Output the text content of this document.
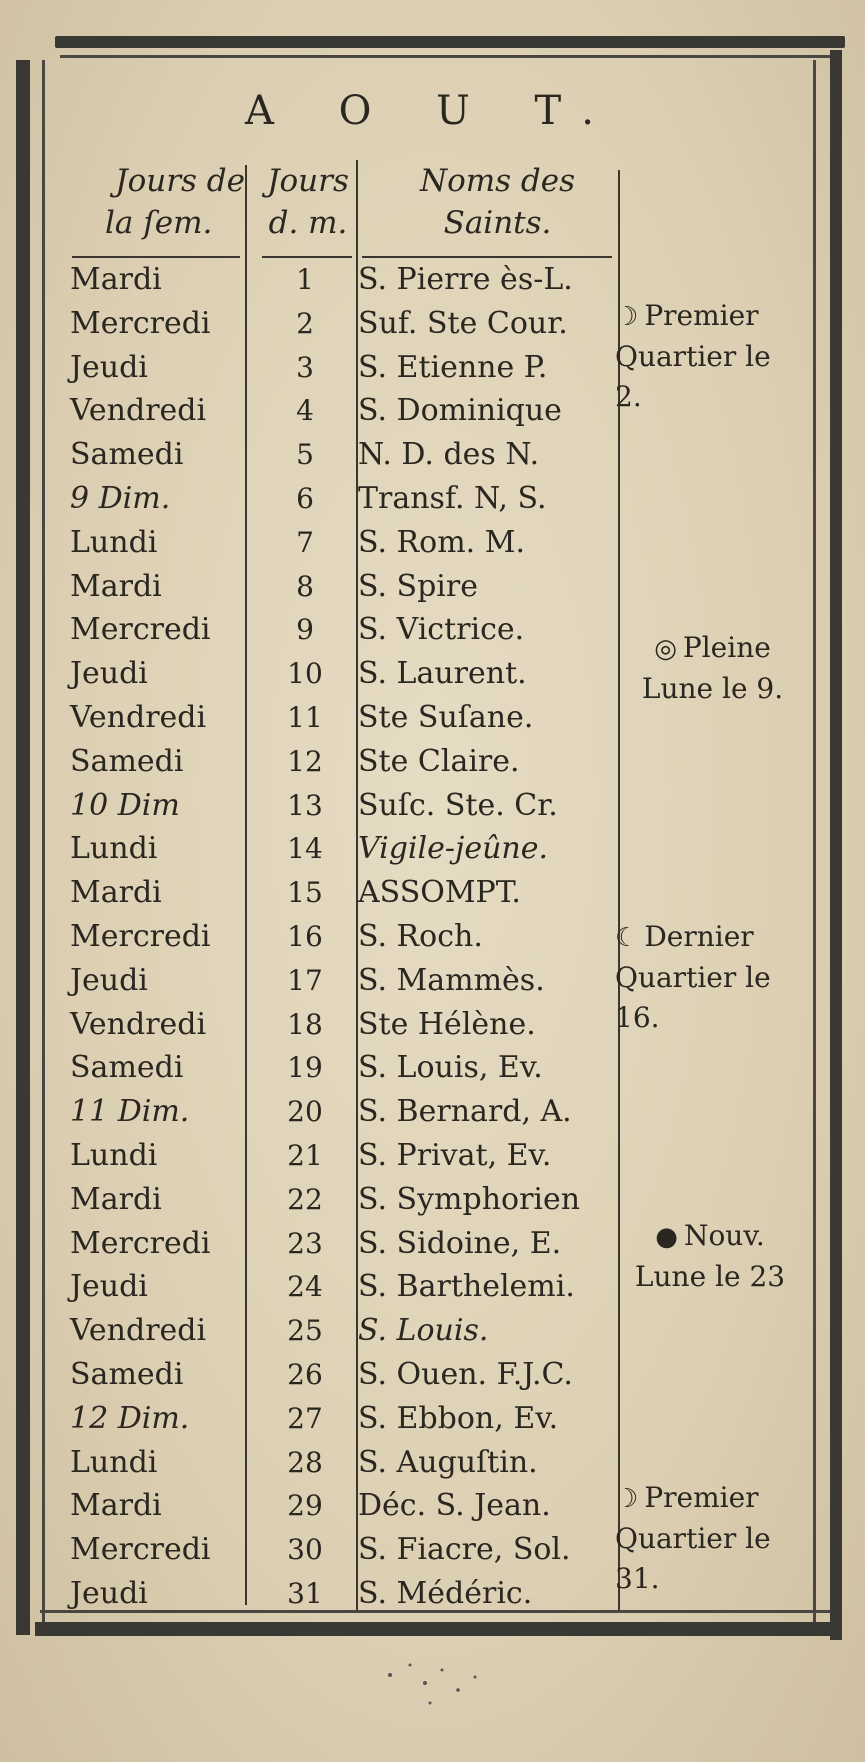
A O U T.
Jours de
la ſem.
Jours
d. m.
Noms des
Saints.
Mardi	1	S. Pierre ès-L.
Mercredi	2	Suf. Ste Cour.
Jeudi	3	S. Etienne P.
Vendredi	4	S. Dominique
Samedi	5	N. D. des N.
9 Dim.	6	Transf. N, S.
Lundi	7	S. Rom. M.
Mardi	8	S. Spire
Mercredi	9	S. Victrice.
Jeudi	10	S. Laurent.
Vendredi	11	Ste Suſane.
Samedi	12	Ste Claire.
10 Dim	13	Suſc. Ste. Cr.
Lundi	14	Vigile-jeûne.
Mardi	15	ASSOMPT.
Mercredi	16	S. Roch.
Jeudi	17	S. Mammès.
Vendredi	18	Ste Hélène.
Samedi	19	S. Louis, Ev.
11 Dim.	20	S. Bernard, A.
Lundi	21	S. Privat, Ev.
Mardi	22	S. Symphorien
Mercredi	23	S. Sidoine, E.
Jeudi	24	S. Barthelemi.
Vendredi	25	S. Louis.
Samedi	26	S. Ouen. F.J.C.
12 Dim.	27	S. Ebbon, Ev.
Lundi	28	S. Auguſtin.
Mardi	29	Déc. S. Jean.
Mercredi	30	S. Fiacre, Sol.
Jeudi	31	S. Médéric.
☽ Premier
Quartier le
2.
◎ Pleine
Lune le 9.
☾ Dernier
Quartier le
16.
● Nouv.
Lune le 23
☽ Premier
Quartier le
31.
